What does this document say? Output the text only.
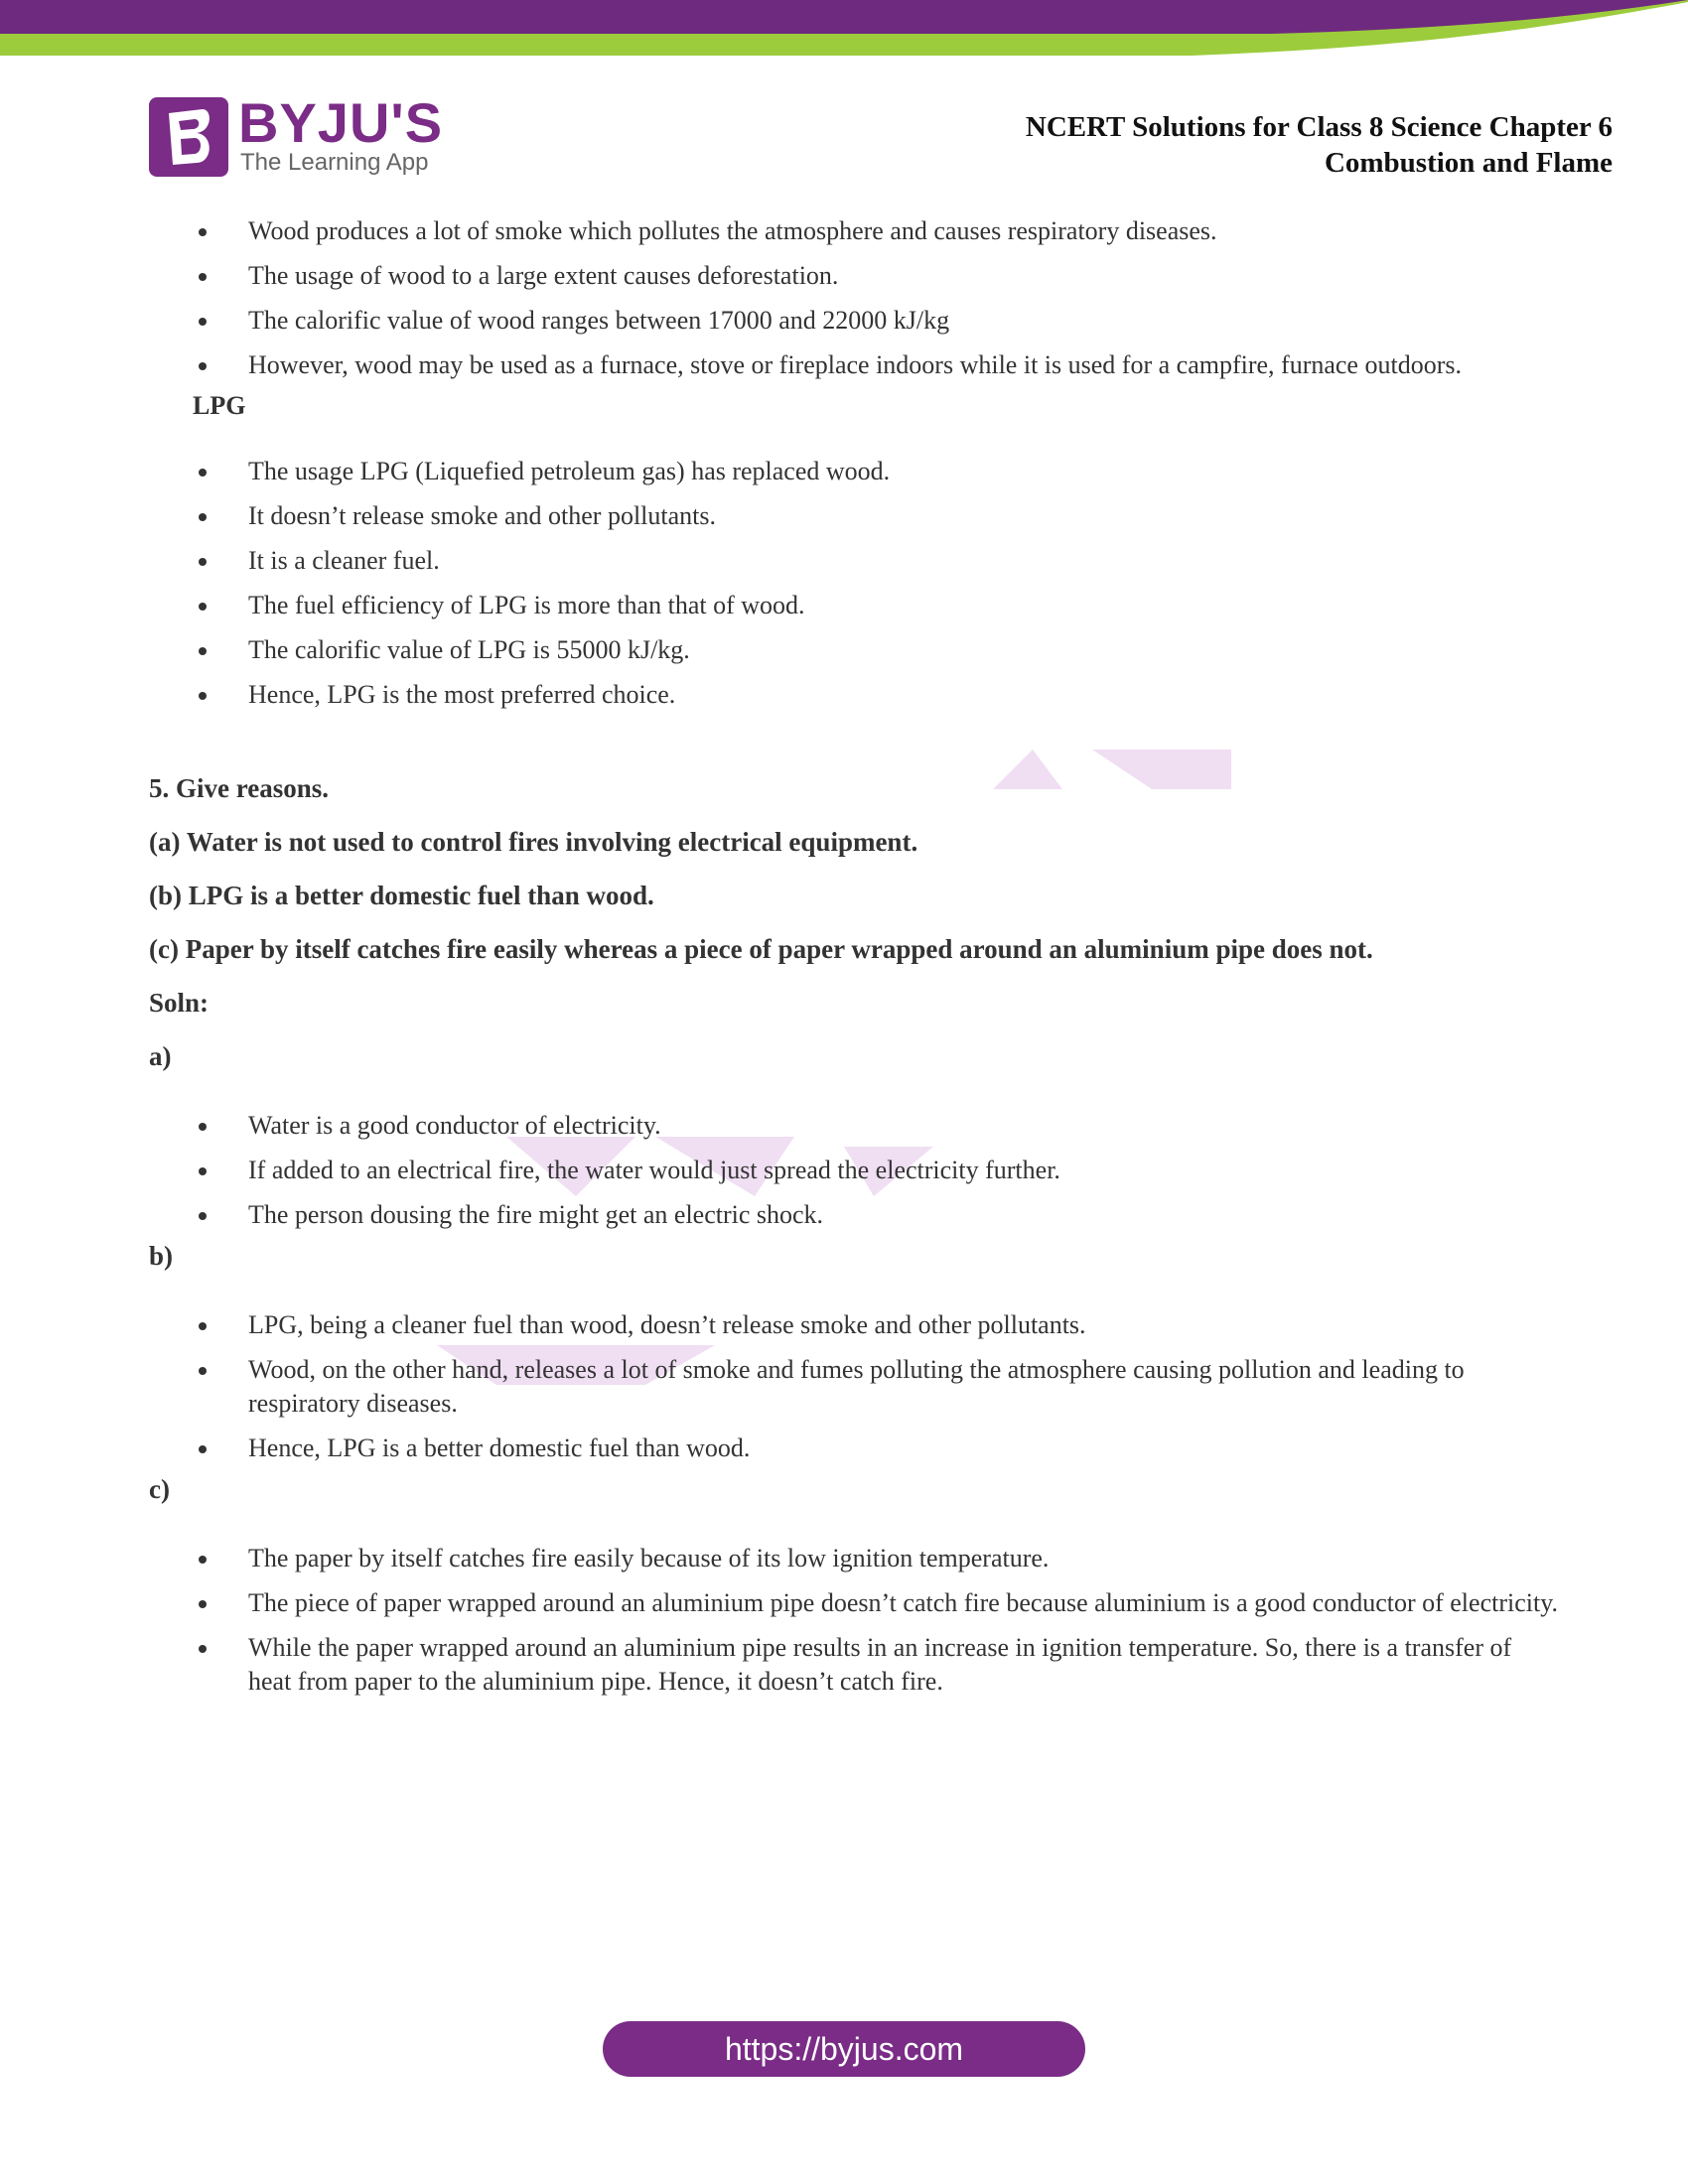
BYJU'S
The Learning App
NCERT Solutions for Class 8 Science Chapter 6
Combustion and Flame
Wood produces a lot of smoke which pollutes the atmosphere and causes respiratory diseases.
The usage of wood to a large extent causes deforestation.
The calorific value of wood ranges between 17000 and 22000 kJ/kg
However, wood may be used as a furnace, stove or fireplace indoors while it is used for a campfire, furnace outdoors.
LPG
The usage LPG (Liquefied petroleum gas) has replaced wood.
It doesn’t release smoke and other pollutants.
It is a cleaner fuel.
The fuel efficiency of LPG is more than that of wood.
The calorific value of LPG is 55000 kJ/kg.
Hence, LPG is the most preferred choice.
5. Give reasons.
(a) Water is not used to control fires involving electrical equipment.
(b) LPG is a better domestic fuel than wood.
(c) Paper by itself catches fire easily whereas a piece of paper wrapped around an aluminium pipe does not.
Soln:
a)
Water is a good conductor of electricity.
If added to an electrical fire, the water would just spread the electricity further.
The person dousing the fire might get an electric shock.
b)
LPG, being a cleaner fuel than wood, doesn’t release smoke and other pollutants.
Wood, on the other hand, releases a lot of smoke and fumes polluting the atmosphere causing pollution and leading to respiratory diseases.
Hence, LPG is a better domestic fuel than wood.
c)
The paper by itself catches fire easily because of its low ignition temperature.
The piece of paper wrapped around an aluminium pipe doesn’t catch fire because aluminium is a good conductor of electricity.
While the paper wrapped around an aluminium pipe results in an increase in ignition temperature. So, there is a transfer of heat from paper to the aluminium pipe. Hence, it doesn’t catch fire.
https://byjus.com
